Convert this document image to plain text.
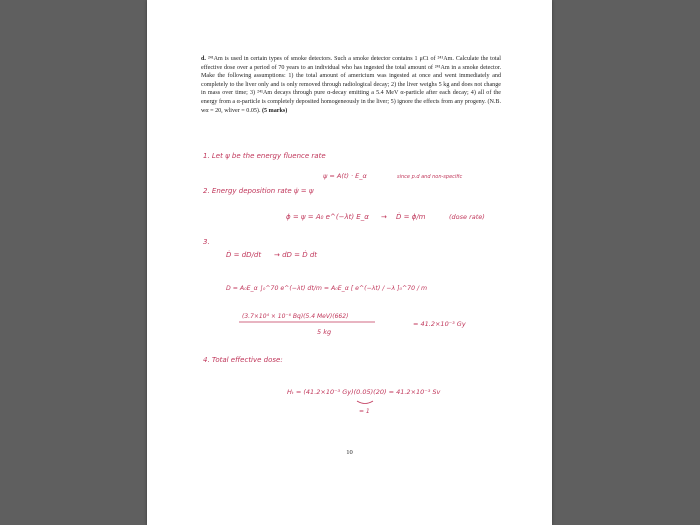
d. ²⁴¹Am is used in certain types of smoke detectors. Such a smoke detector contains 1 μCi of ²⁴¹Am. Calculate the total effective dose over a period of 70 years to an individual who has ingested the total amount of ²⁴¹Am in a smoke detector. Make the following assumptions: 1) the total amount of americium was ingested at once and went immediately and completely to the liver only and is only removed through radiological decay; 2) the liver weighs 5 kg and does not change in mass over time; 3) ²⁴¹Am decays through pure α-decay emitting a 5.4 MeV α-particle after each decay; 4) all of the energy from a α-particle is completely deposited homogeneously in the liver; 5) ignore the effects from any progeny. (N.B. wα = 20, wliver = 0.05). (5 marks)
1. Let ψ be the energy fluence rate
ψ = A(t) · E_α	since p.d and non-specific
2. Energy deposition rate ψ̇ = ψ
ϕ = ψ = A₀ e^(−λt) E_α → Ḋ = ϕ/m	(dose rate)
3.
Ḋ = dD/dt → dD = Ḋ dt
D = A₀E_α ∫₀^70 e^(−λt) dt/m = A₀E_α [ e^(−λt) / −λ ]₀^70 / m
(3.7×10⁴ × 10⁻⁶ Bq)(5.4 MeV)(662)
5 kg
= 41.2×10⁻³ Gy
4. Total effective dose:
Hₜ = (41.2×10⁻³ Gy)(0.05)(20) = 41.2×10⁻³ Sv
= 1
10
